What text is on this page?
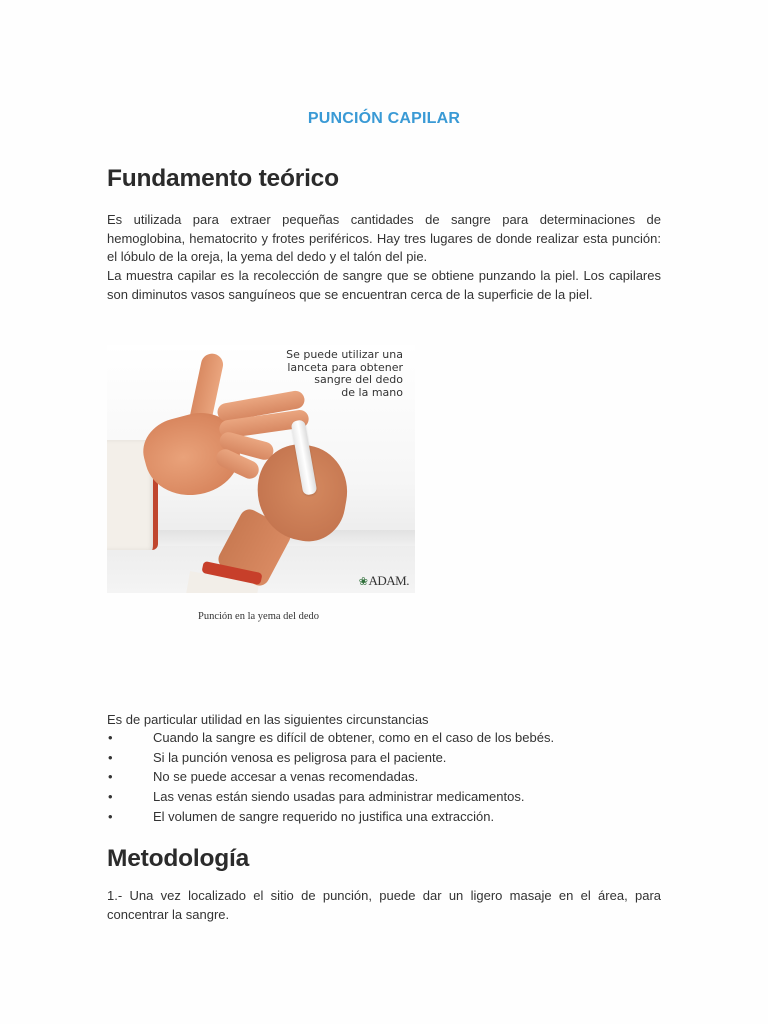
PUNCIÓN CAPILAR
Fundamento teórico

Es utilizada para extraer pequeñas cantidades de sangre para determinaciones de hemoglobina, hematocrito y frotes periféricos. Hay tres lugares de donde realizar esta punción: el lóbulo de la oreja, la yema del dedo y el talón del pie.

La muestra capilar es la recolección de sangre que se obtiene punzando la piel. Los capilares son diminutos vasos sanguíneos que se encuentran cerca de la superficie de la piel.

Se puede utilizar una
lanceta para obtener
sangre del dedo
de la mano
❀ADAM.
Punción en la yema del dedo

Es de particular utilidad en las siguientes circunstancias

•	Cuando la sangre es difícil de obtener, como en el caso de los bebés.
•	Si la punción venosa es peligrosa para el paciente.
•	No se puede accesar a venas recomendadas.
•	Las venas están siendo usadas para administrar medicamentos.
•	El volumen de sangre requerido no justifica una extracción.
Metodología

1.- Una vez localizado el sitio de punción, puede dar un ligero masaje en el área, para concentrar la sangre.
